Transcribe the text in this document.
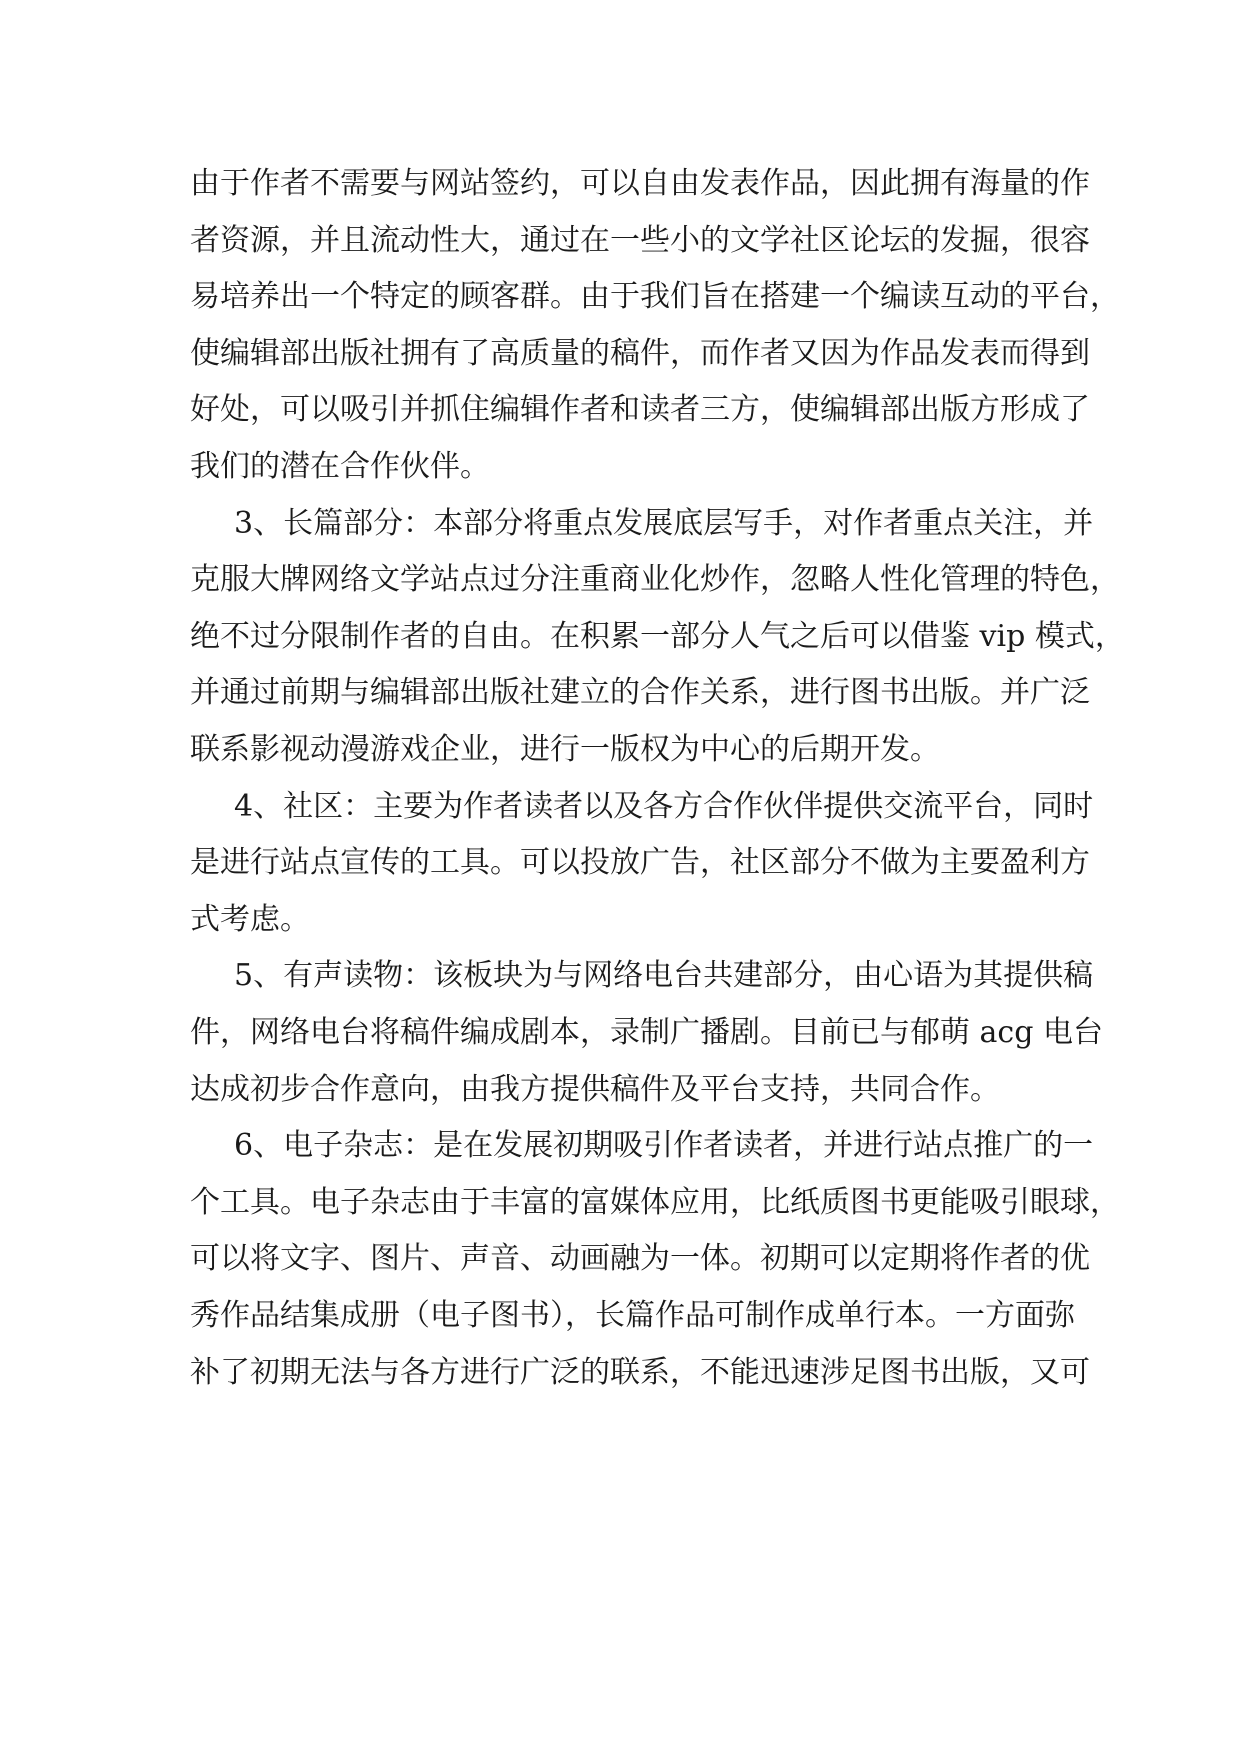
由于作者不需要与网站签约，可以自由发表作品，因此拥有海量的作
者资源，并且流动性大，通过在一些小的文学社区论坛的发掘，很容
易培养出一个特定的顾客群。由于我们旨在搭建一个编读互动的平台，
使编辑部出版社拥有了高质量的稿件，而作者又因为作品发表而得到
好处，可以吸引并抓住编辑作者和读者三方，使编辑部出版方形成了
我们的潜在合作伙伴。
3、长篇部分：本部分将重点发展底层写手，对作者重点关注，并
克服大牌网络文学站点过分注重商业化炒作，忽略人性化管理的特色，
绝不过分限制作者的自由。在积累一部分人气之后可以借鉴 vip 模式，
并通过前期与编辑部出版社建立的合作关系，进行图书出版。并广泛
联系影视动漫游戏企业，进行一版权为中心的后期开发。
4、社区：主要为作者读者以及各方合作伙伴提供交流平台，同时
是进行站点宣传的工具。可以投放广告，社区部分不做为主要盈利方
式考虑。
5、有声读物：该板块为与网络电台共建部分，由心语为其提供稿
件，网络电台将稿件编成剧本，录制广播剧。目前已与郁萌 acg 电台
达成初步合作意向，由我方提供稿件及平台支持，共同合作。
6、电子杂志：是在发展初期吸引作者读者，并进行站点推广的一
个工具。电子杂志由于丰富的富媒体应用，比纸质图书更能吸引眼球，
可以将文字、图片、声音、动画融为一体。初期可以定期将作者的优
秀作品结集成册（电子图书），长篇作品可制作成单行本。一方面弥
补了初期无法与各方进行广泛的联系，不能迅速涉足图书出版，又可
